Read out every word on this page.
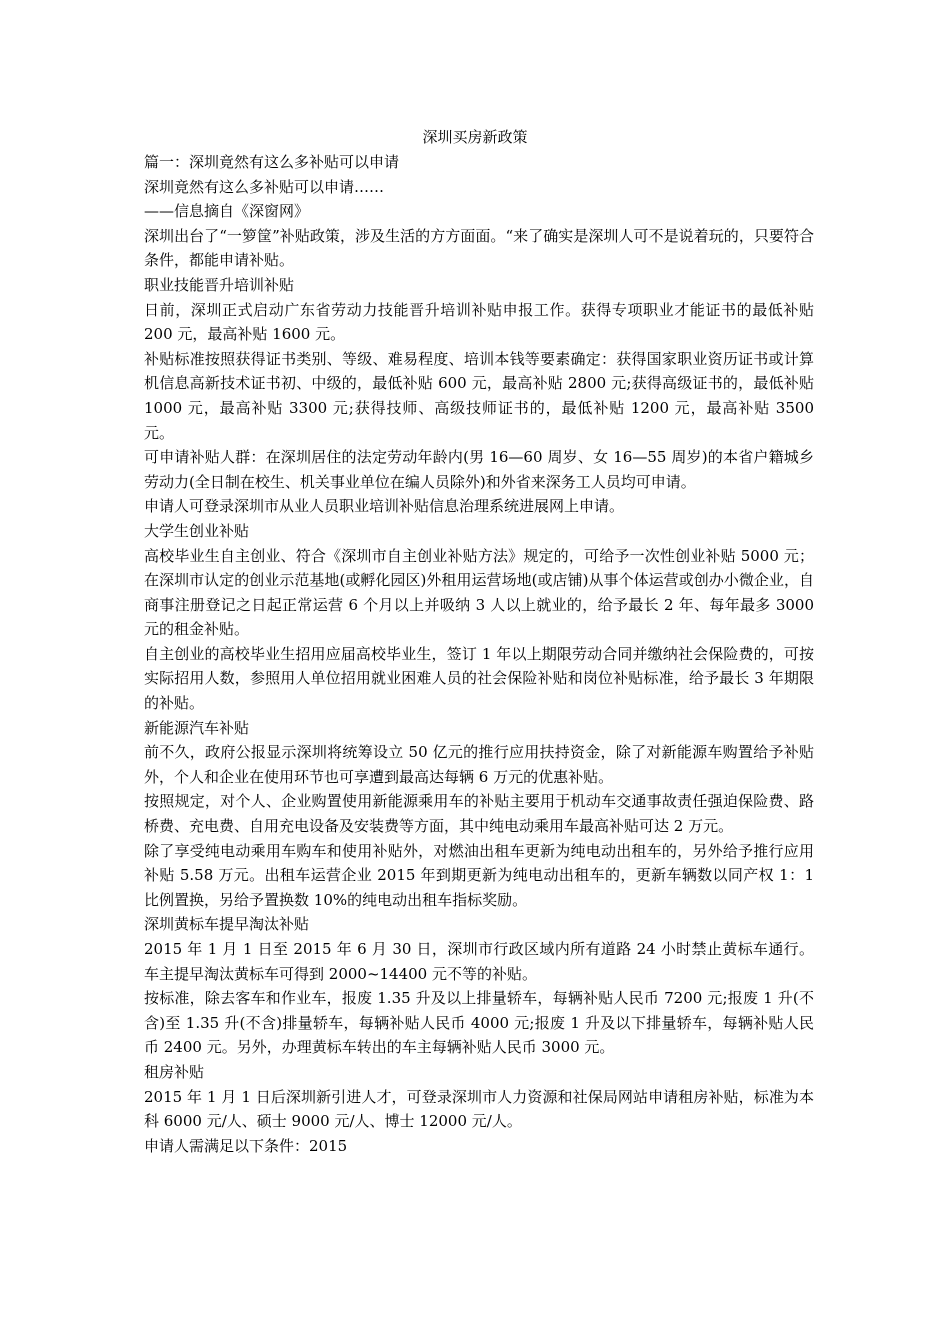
深圳买房新政策

篇一：深圳竟然有这么多补贴可以申请

深圳竟然有这么多补贴可以申请……

——信息摘自《深窗网》

深圳出台了“一箩筐”补贴政策，涉及生活的方方面面。“来了确实是深圳人可不是说着玩的，只要符合条件，都能申请补贴。

职业技能晋升培训补贴

日前，深圳正式启动广东省劳动力技能晋升培训补贴申报工作。获得专项职业才能证书的最低补贴 200 元，最高补贴 1600 元。

补贴标准按照获得证书类别、等级、难易程度、培训本钱等要素确定：获得国家职业资历证书或计算机信息高新技术证书初、中级的，最低补贴 600 元，最高补贴 2800 元;获得高级证书的，最低补贴 1000 元，最高补贴 3300 元;获得技师、高级技师证书的，最低补贴 1200 元，最高补贴 3500 元。

可申请补贴人群：在深圳居住的法定劳动年龄内(男 16—60 周岁、女 16—55 周岁)的本省户籍城乡劳动力(全日制在校生、机关事业单位在编人员除外)和外省来深务工人员均可申请。

申请人可登录深圳市从业人员职业培训补贴信息治理系统进展网上申请。

大学生创业补贴

高校毕业生自主创业、符合《深圳市自主创业补贴方法》规定的，可给予一次性创业补贴 5000 元；在深圳市认定的创业示范基地(或孵化园区)外租用运营场地(或店铺)从事个体运营或创办小微企业，自商事注册登记之日起正常运营 6 个月以上并吸纳 3 人以上就业的，给予最长 2 年、每年最多 3000 元的租金补贴。

自主创业的高校毕业生招用应届高校毕业生，签订 1 年以上期限劳动合同并缴纳社会保险费的，可按实际招用人数，参照用人单位招用就业困难人员的社会保险补贴和岗位补贴标准，给予最长 3 年期限的补贴。

新能源汽车补贴

前不久，政府公报显示深圳将统筹设立 50 亿元的推行应用扶持资金，除了对新能源车购置给予补贴外，个人和企业在使用环节也可享遭到最高达每辆 6 万元的优惠补贴。

按照规定，对个人、企业购置使用新能源乘用车的补贴主要用于机动车交通事故责任强迫保险费、路桥费、充电费、自用充电设备及安装费等方面，其中纯电动乘用车最高补贴可达 2 万元。

除了享受纯电动乘用车购车和使用补贴外，对燃油出租车更新为纯电动出租车的，另外给予推行应用补贴 5.58 万元。出租车运营企业 2015 年到期更新为纯电动出租车的，更新车辆数以同产权 1：1 比例置换，另给予置换数 10%的纯电动出租车指标奖励。

深圳黄标车提早淘汰补贴

2015 年 1 月 1 日至 2015 年 6 月 30 日，深圳市行政区域内所有道路 24 小时禁止黄标车通行。车主提早淘汰黄标车可得到 2000~14400 元不等的补贴。

按标准，除去客车和作业车，报废 1.35 升及以上排量轿车，每辆补贴人民币 7200 元;报废 1 升(不含)至 1.35 升(不含)排量轿车，每辆补贴人民币 4000 元;报废 1 升及以下排量轿车，每辆补贴人民币 2400 元。另外，办理黄标车转出的车主每辆补贴人民币 3000 元。

租房补贴

2015 年 1 月 1 日后深圳新引进人才，可登录深圳市人力资源和社保局网站申请租房补贴，标准为本科 6000 元/人、硕士 9000 元/人、博士 12000 元/人。

申请人需满足以下条件：2015
